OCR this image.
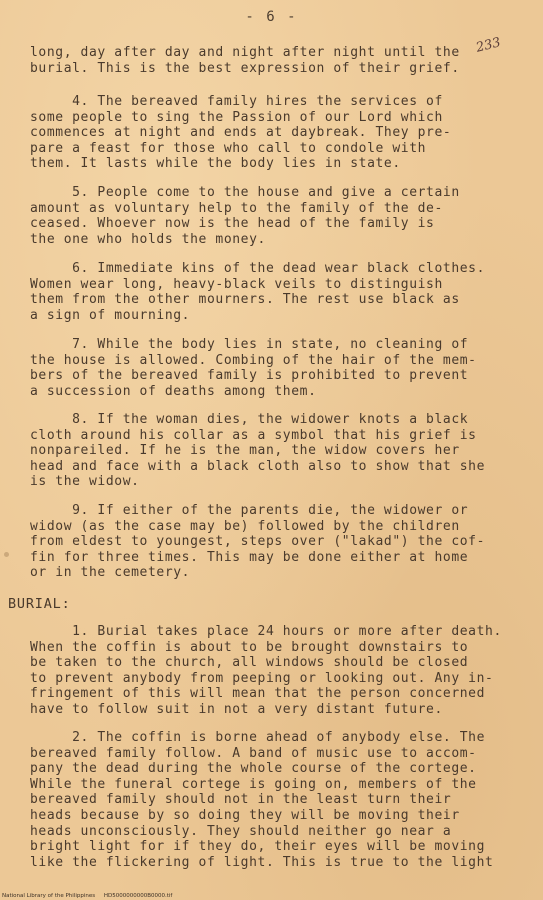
- 6 -
233
long, day after day and night after night until the
burial. This is the best expression of their grief.
4. The bereaved family hires the services of
some people to sing the Passion of our Lord which
commences at night and ends at daybreak. They pre-
pare a feast for those who call to condole with
them. It lasts while the body lies in state.
5. People come to the house and give a certain
amount as voluntary help to the family of the de-
ceased. Whoever now is the head of the family is
the one who holds the money.
6. Immediate kins of the dead wear black clothes.
Women wear long, heavy-black veils to distinguish
them from the other mourners. The rest use black as
a sign of mourning.
7. While the body lies in state, no cleaning of
the house is allowed. Combing of the hair of the mem-
bers of the bereaved family is prohibited to prevent
a succession of deaths among them.
8. If the woman dies, the widower knots a black
cloth around his collar as a symbol that his grief is
nonpareiled. If he is the man, the widow covers her
head and face with a black cloth also to show that she
is the widow.
9. If either of the parents die, the widower or
widow (as the case may be) followed by the children
from eldest to youngest, steps over ("lakad") the cof-
fin for three times. This may be done either at home
or in the cemetery.
BURIAL:
1. Burial takes place 24 hours or more after death.
When the coffin is about to be brought downstairs to
be taken to the church, all windows should be closed
to prevent anybody from peeping or looking out. Any in-
fringement of this will mean that the person concerned
have to follow suit in not a very distant future.
2. The coffin is borne ahead of anybody else. The
bereaved family follow. A band of music use to accom-
pany the dead during the whole course of the cortege.
While the funeral cortege is going on, members of the
bereaved family should not in the least turn their
heads because by so doing they will be moving their
heads unconsciously. They should neither go near a
bright light for if they do, their eyes will be moving
like the flickering of light. This is true to the light
National Library of the Philippines     HD5000000000B0000.tif
